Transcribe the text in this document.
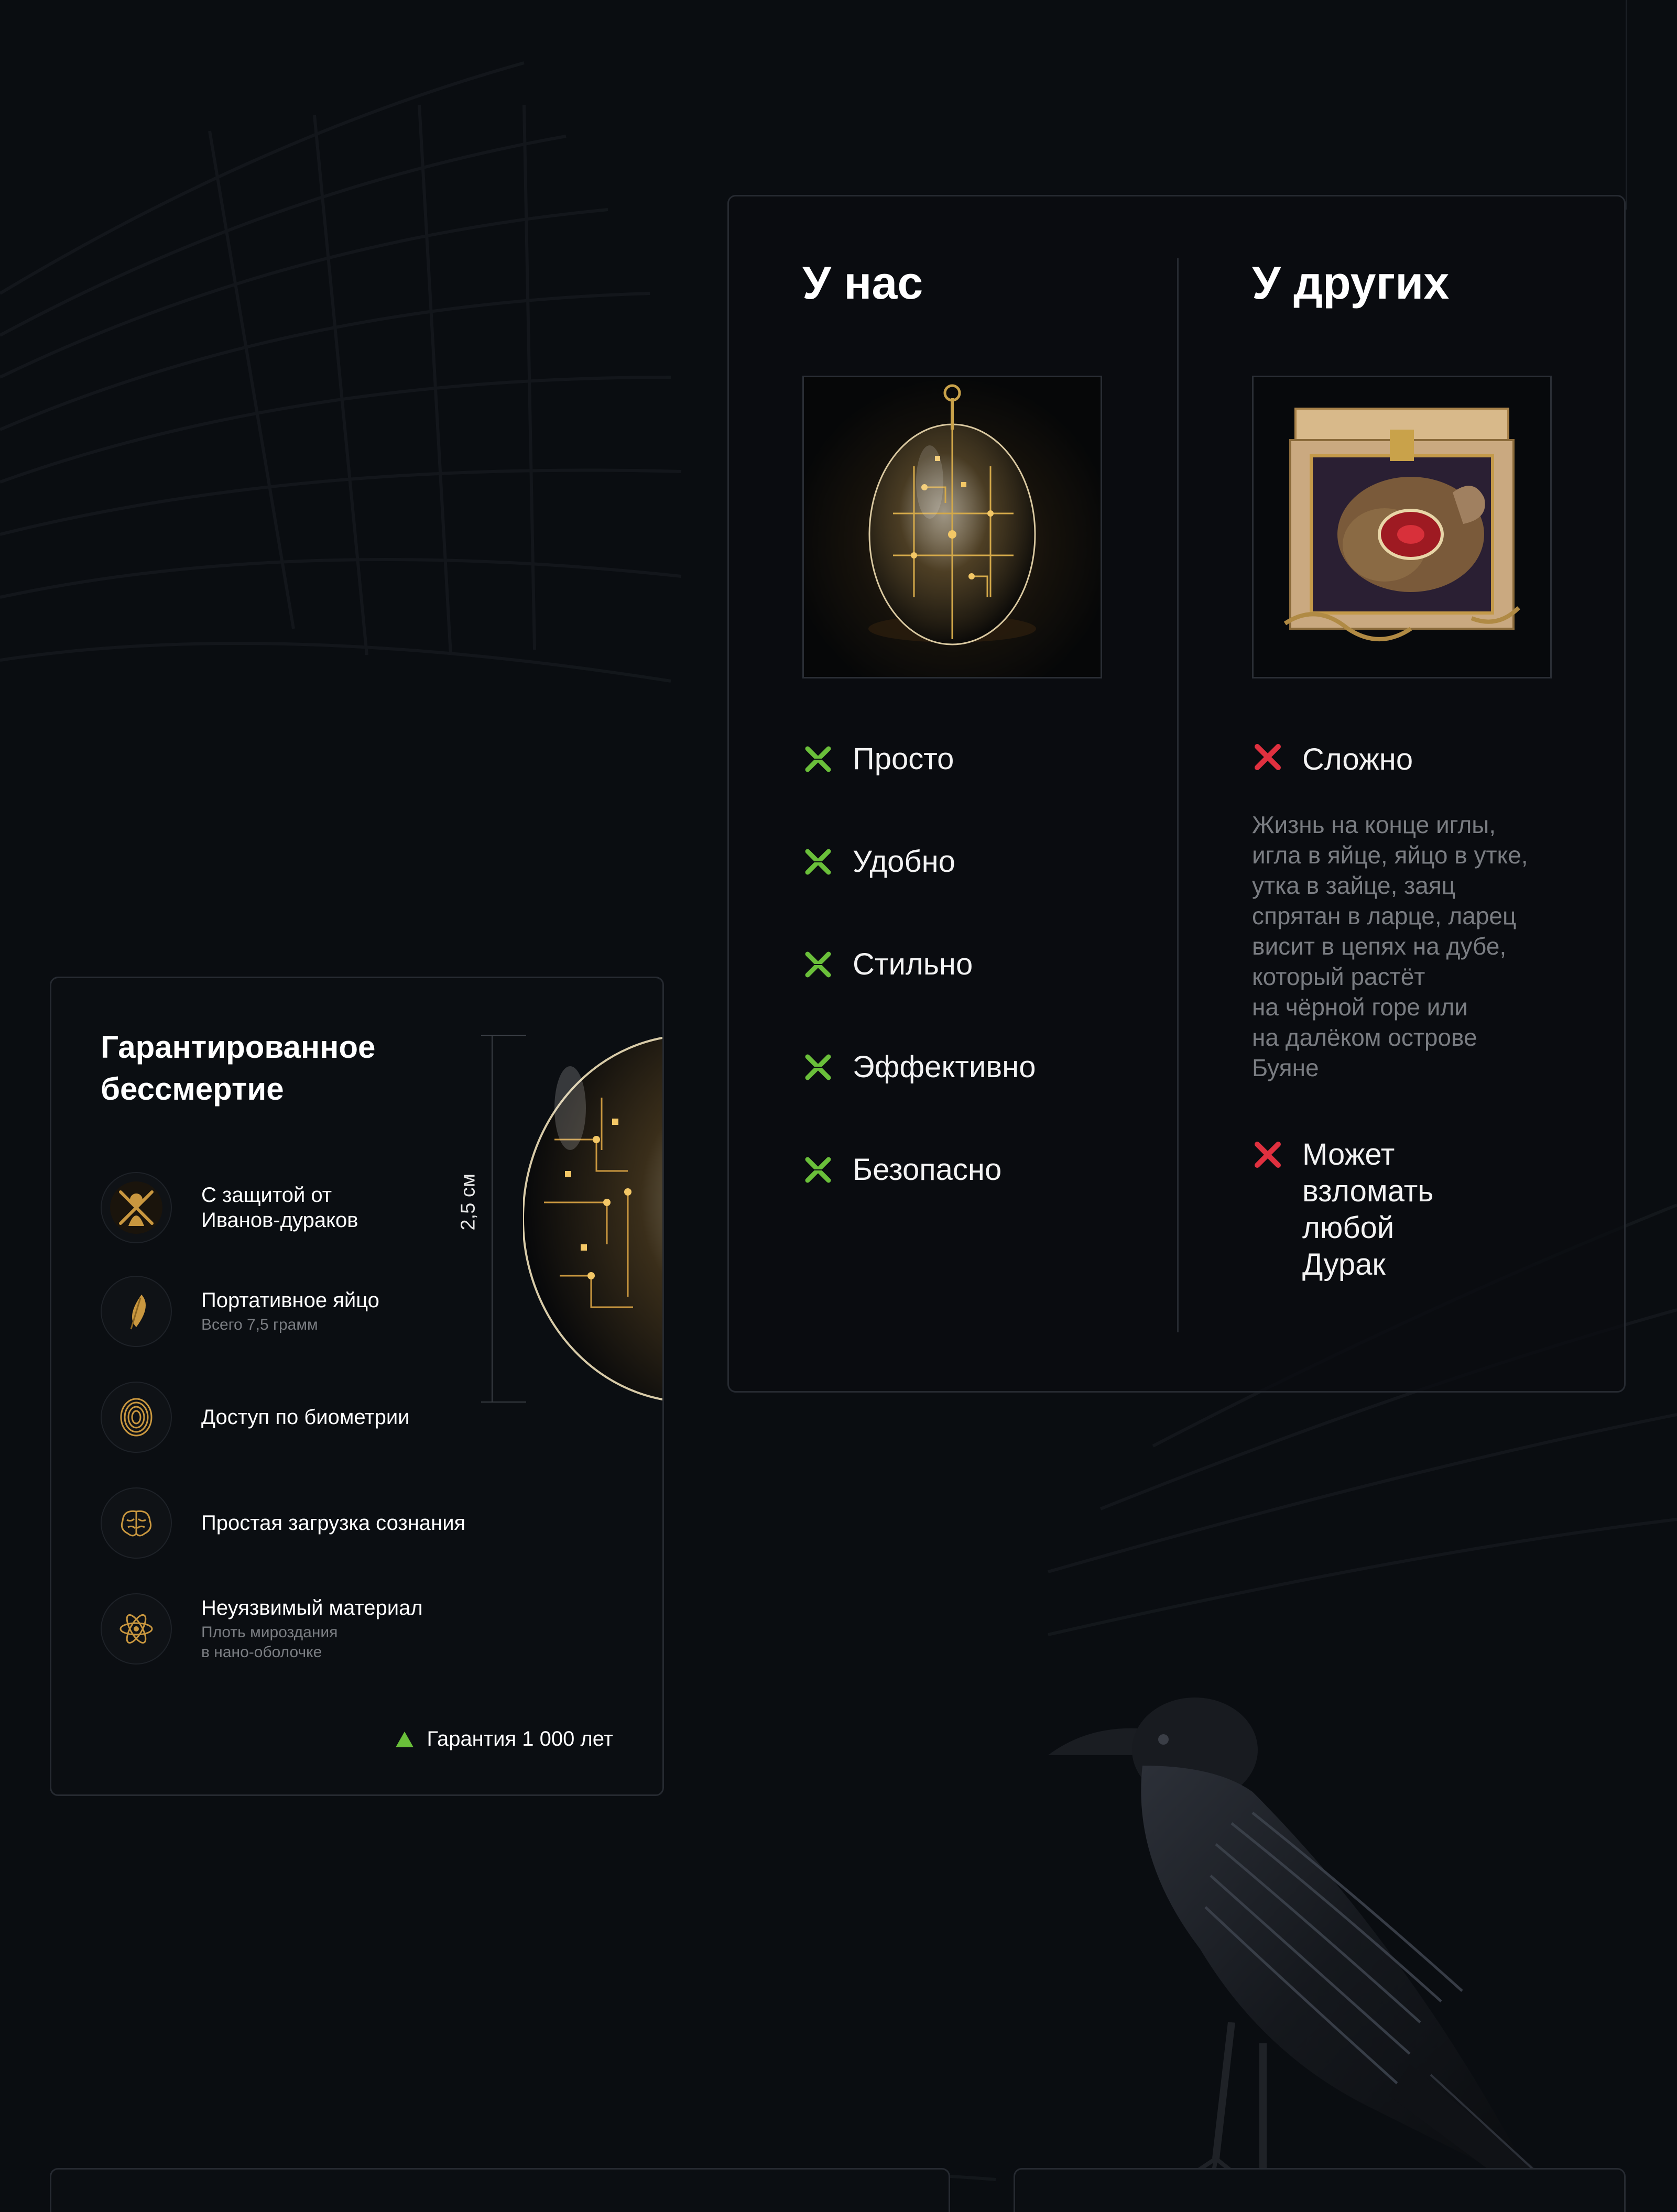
У нас
Просто
Удобно
Стильно
Эффективно
Безопасно
У других
Сложно
Жизнь на конце иглы,
игла в яйце, яйцо в утке,
утка в зайце, заяц
спрятан в ларце, ларец
висит в цепях на дубе,
который растёт
на чёрной горе или
на далёком острове
Буяне
Может
взломать
любой Дурак
Гарантированное
бессмертие
С защитой от
Иванов-дураков
Портативное яйцо
Всего 7,5 грамм
Доступ по биометрии
Простая загрузка сознания
Неуязвимый материал
Плоть мироздания
в нано-оболочке
2,5 см
Гарантия 1 000 лет
